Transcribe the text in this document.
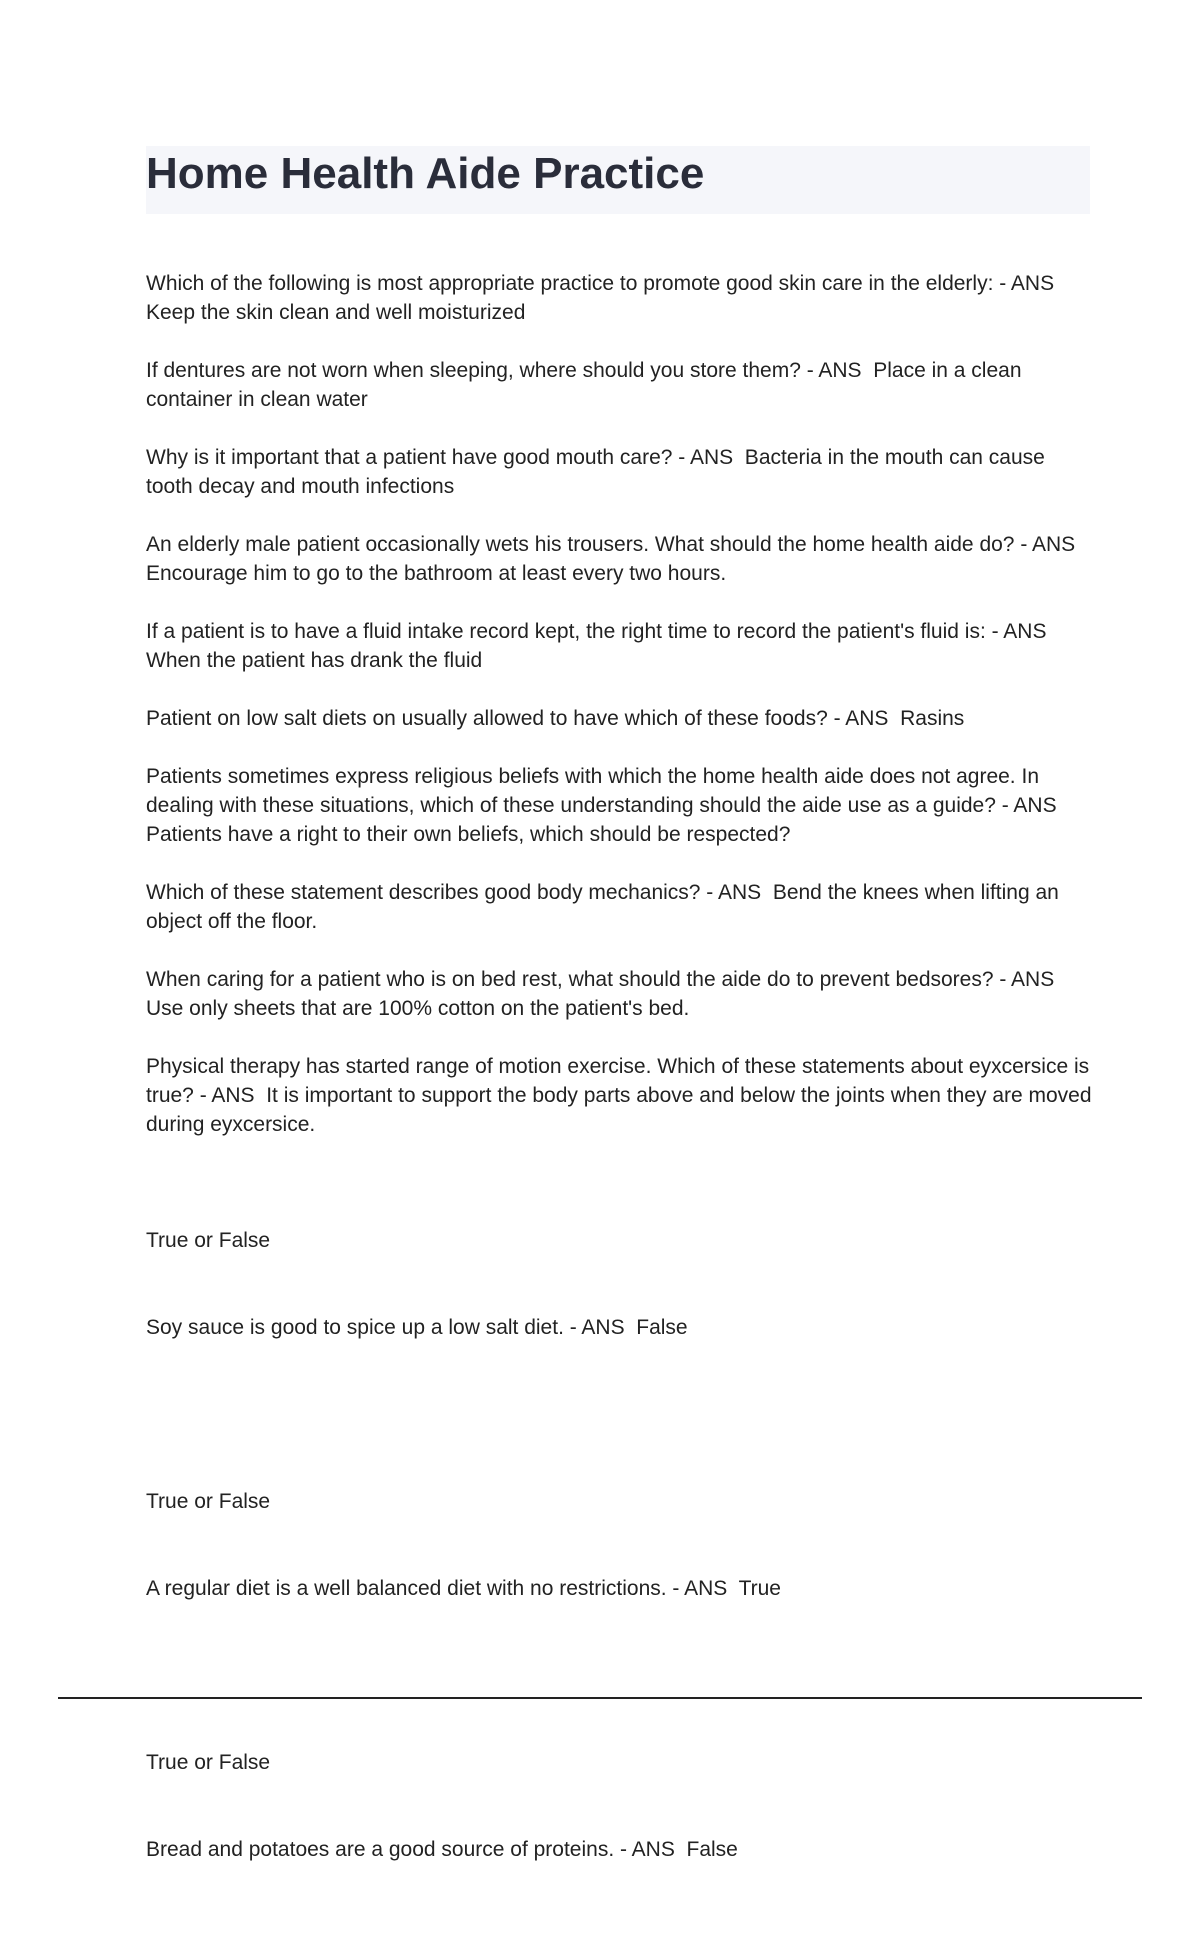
Home Health Aide Practice

Which of the following is most appropriate practice to promote good skin care in the elderly: - ANS  Keep the skin clean and well moisturized

If dentures are not worn when sleeping, where should you store them? - ANS  Place in a clean container in clean water

Why is it important that a patient have good mouth care? - ANS  Bacteria in the mouth can cause tooth decay and mouth infections

An elderly male patient occasionally wets his trousers. What should the home health aide do? - ANS  Encourage him to go to the bathroom at least every two hours.

If a patient is to have a fluid intake record kept, the right time to record the patient's fluid is: - ANS  When the patient has drank the fluid

Patient on low salt diets on usually allowed to have which of these foods? - ANS  Rasins

Patients sometimes express religious beliefs with which the home health aide does not agree. In dealing with these situations, which of these understanding should the aide use as a guide? - ANS  Patients have a right to their own beliefs, which should be respected?

Which of these statement describes good body mechanics? - ANS  Bend the knees when lifting an object off the floor.

When caring for a patient who is on bed rest, what should the aide do to prevent bedsores? - ANS  Use only sheets that are 100% cotton on the patient's bed.

Physical therapy has started range of motion exercise. Which of these statements about eyxcersice is true? - ANS  It is important to support the body parts above and below the joints when they are moved during eyxcersice.

True or False

Soy sauce is good to spice up a low salt diet. - ANS  False

True or False

A regular diet is a well balanced diet with no restrictions. - ANS  True

True or False

Bread and potatoes are a good source of proteins. - ANS  False
